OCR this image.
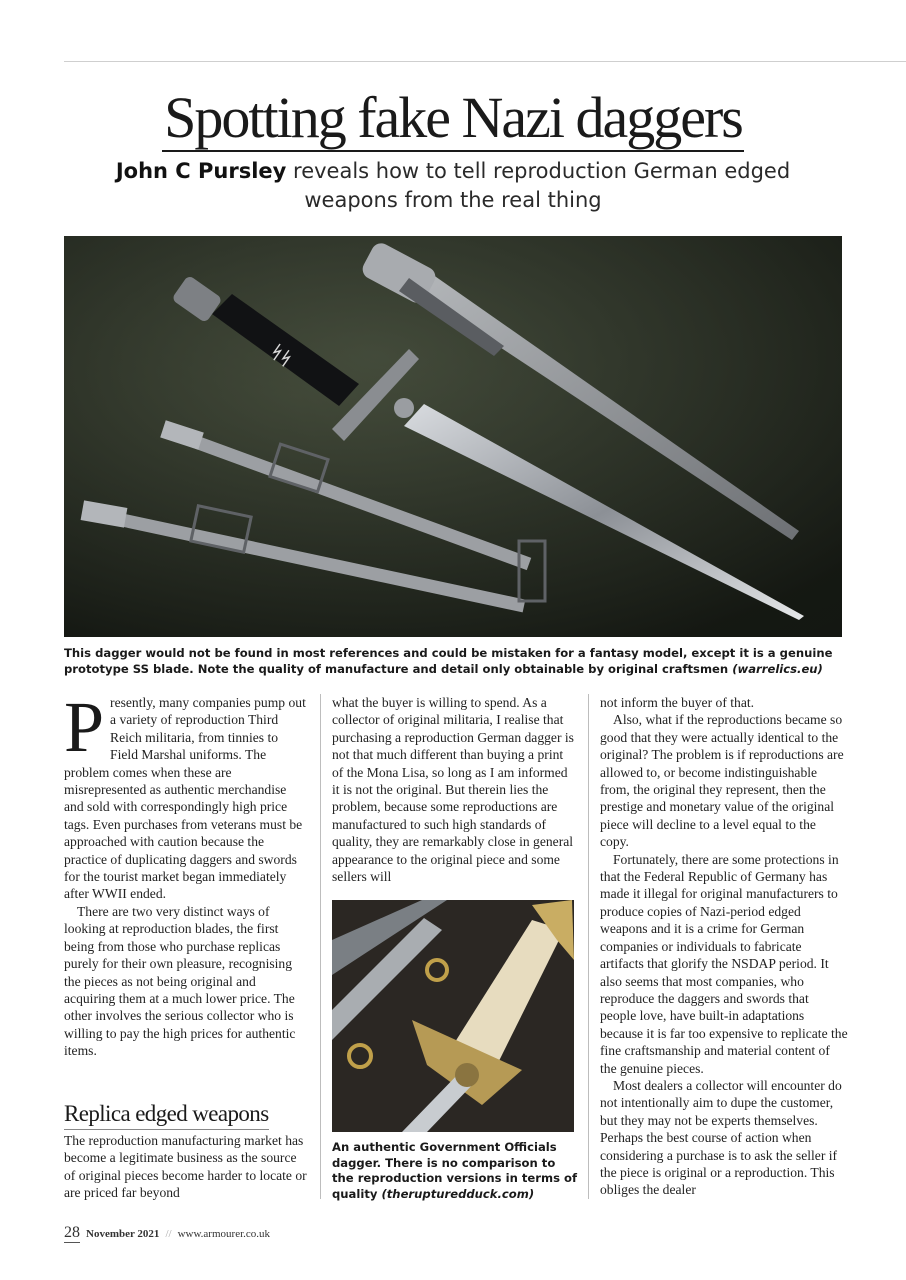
Spotting fake Nazi daggers
John C Pursley reveals how to tell reproduction German edged weapons from the real thing
ᛋᛋ
This dagger would not be found in most references and could be mistaken for a fantasy model, except it is a genuine prototype SS blade. Note the quality of manufacture and detail only obtainable by original craftsmen (warrelics.eu)

Presently, many companies pump out a variety of reproduction Third Reich militaria, from tinnies to Field Marshal uniforms. The problem comes when these are misrepresented as authentic merchandise and sold with correspondingly high price tags. Even purchases from veterans must be approached with caution because the practice of duplicating daggers and swords for the tourist market began immediately after WWII ended.

There are two very distinct ways of looking at reproduction blades, the first being from those who purchase replicas purely for their own pleasure, recognising the pieces as not being original and acquiring them at a much lower price. The other involves the serious collector who is willing to pay the high prices for authentic items.

Replica edged weapons
The reproduction manufacturing market has become a legitimate business as the source of original pieces become harder to locate or are priced far beyond

what the buyer is willing to spend. As a collector of original militaria, I realise that purchasing a reproduction German dagger is not that much different than buying a print of the Mona Lisa, so long as I am informed it is not the original. But therein lies the problem, because some reproductions are manufactured to such high standards of quality, they are remarkably close in general appearance to the original piece and some sellers will

An authentic Government Officials dagger. There is no comparison to the reproduction versions in terms of quality (therupturedduck.com)

not inform the buyer of that.

Also, what if the reproductions became so good that they were actually identical to the original? The problem is if reproductions are allowed to, or become indistinguishable from, the original they represent, then the prestige and monetary value of the original piece will decline to a level equal to the copy.

Fortunately, there are some protections in that the Federal Republic of Germany has made it illegal for original manufacturers to produce copies of Nazi-period edged weapons and it is a crime for German companies or individuals to fabricate artifacts that glorify the NSDAP period. It also seems that most companies, who reproduce the daggers and swords that people love, have built-in adaptations because it is far too expensive to replicate the fine craftsmanship and material content of the genuine pieces.

Most dealers a collector will encounter do not intentionally aim to dupe the customer, but they may not be experts themselves. Perhaps the best course of action when considering a purchase is to ask the seller if the piece is original or a reproduction. This obliges the dealer

28 November 2021 // www.armourer.co.uk
